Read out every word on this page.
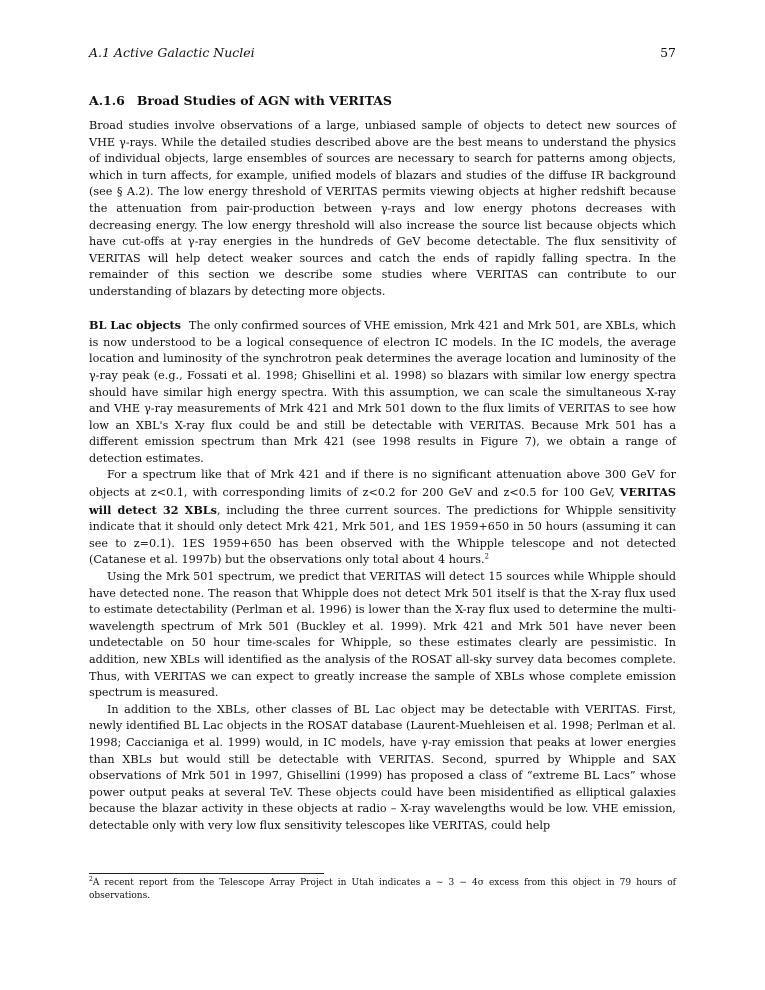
A.1 Active Galactic Nuclei	57
A.1.6 Broad Studies of AGN with VERITAS

Broad studies involve observations of a large, unbiased sample of objects to detect new sources of VHE γ-rays. While the detailed studies described above are the best means to understand the physics of individual objects, large ensembles of sources are necessary to search for patterns among objects, which in turn affects, for example, unified models of blazars and studies of the diffuse IR background (see § A.2). The low energy threshold of VERITAS permits viewing objects at higher redshift because the attenuation from pair-production between γ-rays and low energy photons decreases with decreasing energy. The low energy threshold will also increase the source list because objects which have cut-offs at γ-ray energies in the hundreds of GeV become detectable. The flux sensitivity of VERITAS will help detect weaker sources and catch the ends of rapidly falling spectra. In the remainder of this section we describe some studies where VERITAS can contribute to our understanding of blazars by detecting more objects.

BL Lac objects The only confirmed sources of VHE emission, Mrk 421 and Mrk 501, are XBLs, which is now understood to be a logical consequence of electron IC models. In the IC models, the average location and luminosity of the synchrotron peak determines the average location and luminosity of the γ-ray peak (e.g., Fossati et al. 1998; Ghisellini et al. 1998) so blazars with similar low energy spectra should have similar high energy spectra. With this assumption, we can scale the simultaneous X-ray and VHE γ-ray measurements of Mrk 421 and Mrk 501 down to the flux limits of VERITAS to see how low an XBL's X-ray flux could be and still be detectable with VERITAS. Because Mrk 501 has a different emission spectrum than Mrk 421 (see 1998 results in Figure 7), we obtain a range of detection estimates.

For a spectrum like that of Mrk 421 and if there is no significant attenuation above 300 GeV for objects at z<0.1, with corresponding limits of z<0.2 for 200 GeV and z<0.5 for 100 GeV, VERITAS will detect 32 XBLs, including the three current sources. The predictions for Whipple sensitivity indicate that it should only detect Mrk 421, Mrk 501, and 1ES 1959+650 in 50 hours (assuming it can see to z=0.1). 1ES 1959+650 has been observed with the Whipple telescope and not detected (Catanese et al. 1997b) but the observations only total about 4 hours.$^2$

Using the Mrk 501 spectrum, we predict that VERITAS will detect 15 sources while Whipple should have detected none. The reason that Whipple does not detect Mrk 501 itself is that the X-ray flux used to estimate detectability (Perlman et al. 1996) is lower than the X-ray flux used to determine the multi-wavelength spectrum of Mrk 501 (Buckley et al. 1999). Mrk 421 and Mrk 501 have never been undetectable on 50 hour time-scales for Whipple, so these estimates clearly are pessimistic. In addition, new XBLs will identified as the analysis of the ROSAT all-sky survey data becomes complete. Thus, with VERITAS we can expect to greatly increase the sample of XBLs whose complete emission spectrum is measured.

In addition to the XBLs, other classes of BL Lac object may be detectable with VERITAS. First, newly identified BL Lac objects in the ROSAT database (Laurent-Muehleisen et al. 1998; Perlman et al. 1998; Caccianiga et al. 1999) would, in IC models, have γ-ray emission that peaks at lower energies than XBLs but would still be detectable with VERITAS. Second, spurred by Whipple and SAX observations of Mrk 501 in 1997, Ghisellini (1999) has proposed a class of “extreme BL Lacs” whose power output peaks at several TeV. These objects could have been misidentified as elliptical galaxies because the blazar activity in these objects at radio – X-ray wavelengths would be low. VHE emission, detectable only with very low flux sensitivity telescopes like VERITAS, could help

$^2$A recent report from the Telescope Array Project in Utah indicates a ∼ 3 − 4σ excess from this object in 79 hours of observations.
